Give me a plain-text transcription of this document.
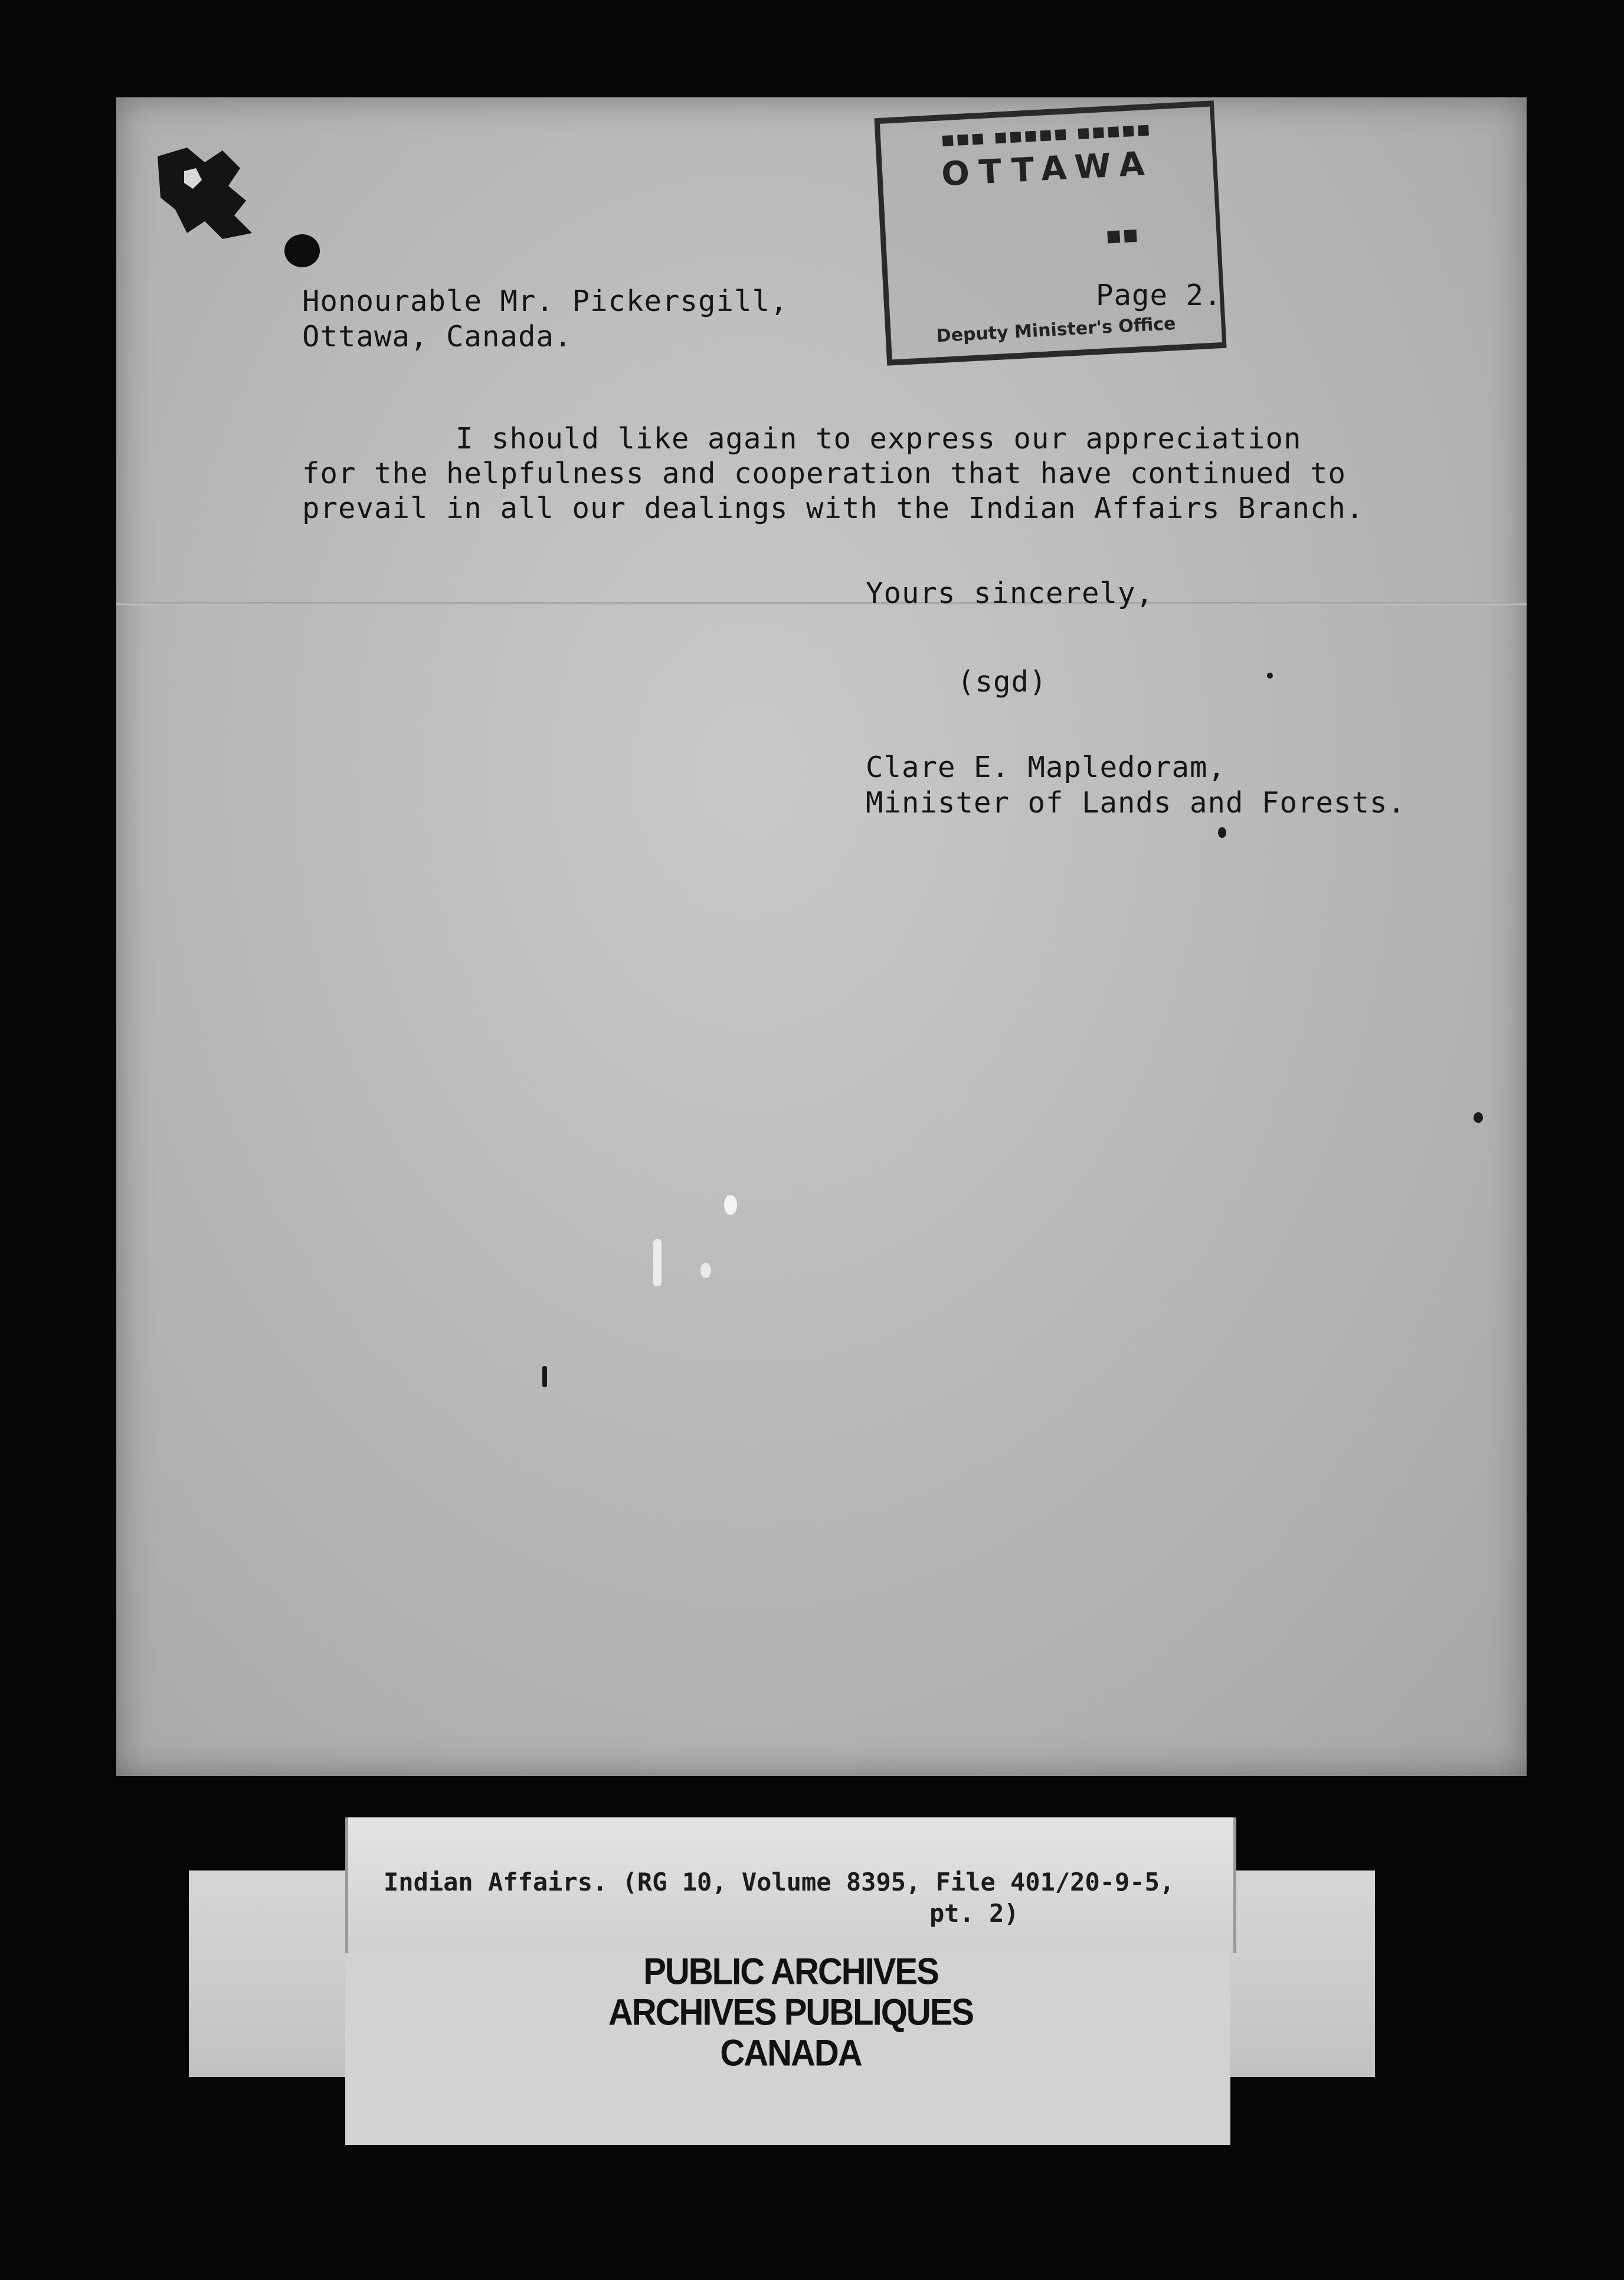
▪▪▪ ▪▪▪▪▪ ▪▪▪▪▪
OTTAWA
▪▪
Deputy Minister's Office
Honourable Mr. Pickersgill,
Ottawa, Canada.
Page 2.
I should like again to express our appreciation
for the helpfulness and cooperation that have continued to
prevail in all our dealings with the Indian Affairs Branch.
Yours sincerely,
(sgd)
Clare E. Mapledoram,
Minister of Lands and Forests.
Indian Affairs. (RG 10, Volume 8395, File 401/20-9-5,
pt. 2)
PUBLIC ARCHIVES
ARCHIVES PUBLIQUES
CANADA
